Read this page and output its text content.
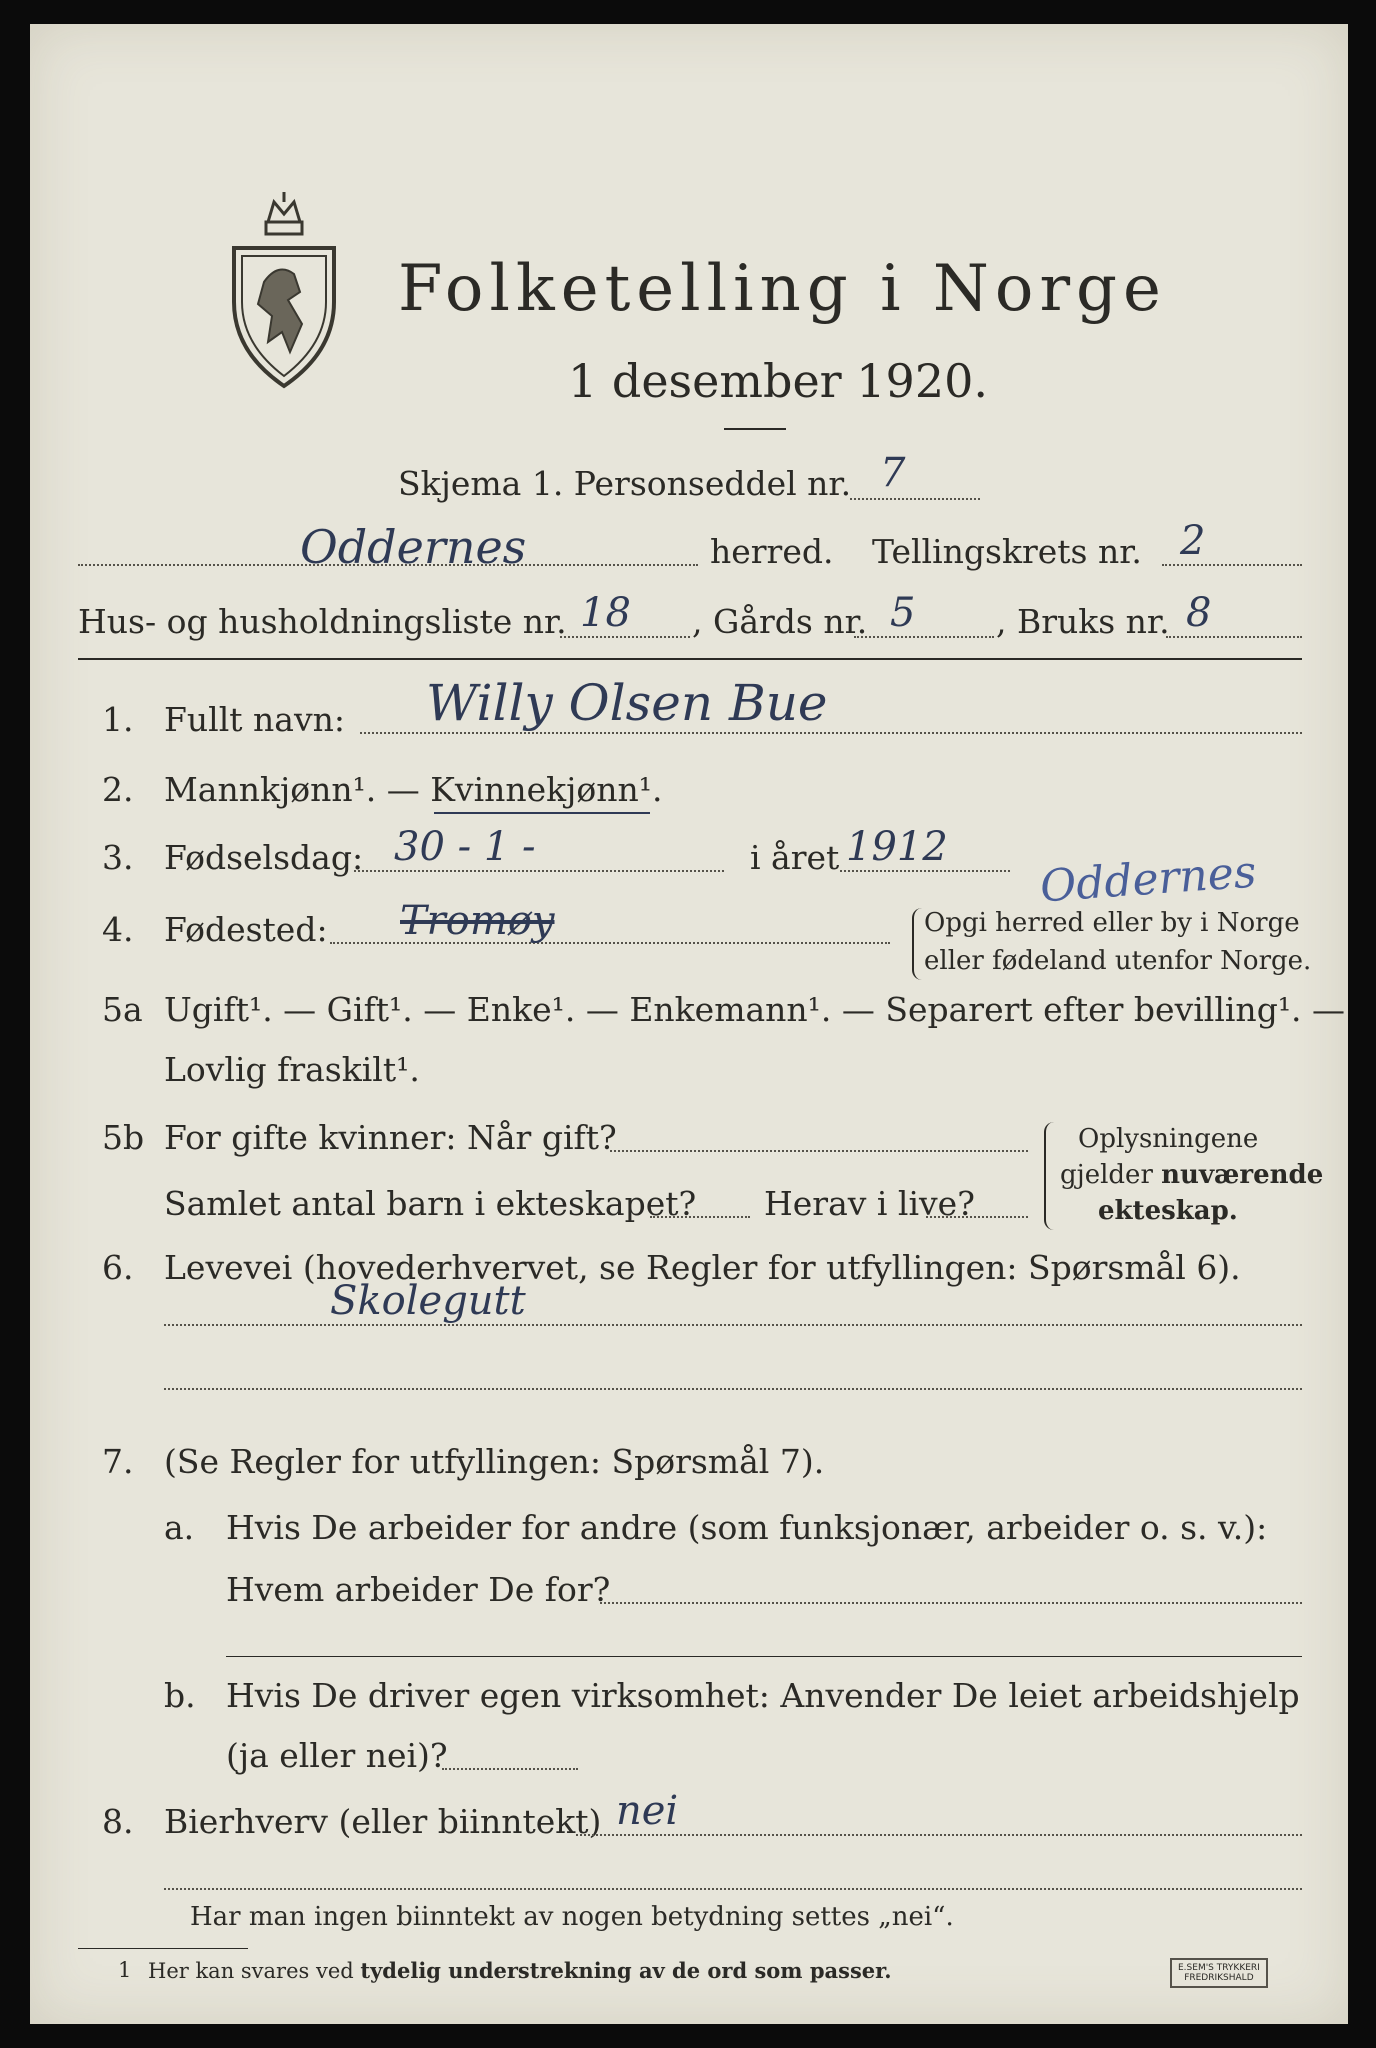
Folketelling i Norge
1 desember 1920.
Skjema 1. Personseddel nr. 7
Oddernes	herred. Tellingskrets nr. 2
Hus- og husholdningsliste nr. 18 , Gårds nr. 5 , Bruks nr. 8
1. Fullt navn: Willy Olsen Bue
2. Mannkjønn¹. — Kvinnekjønn¹.
3. Fødselsdag: 30 - 1 -	i året 1912 Oddernes
4. Fødested: Tromøy	Opgi herred eller by i Norge
eller fødeland utenfor Norge.
5a Ugift¹. — Gift¹. — Enke¹. — Enkemann¹. — Separert efter bevilling¹. —
Lovlig fraskilt¹.
5b For gifte kvinner: Når gift?
Samlet antal barn i ekteskapet? Herav i live?
Oplysningene
gjelder nuværende
ekteskap.
6. Levevei (hovederhvervet, se Regler for utfyllingen: Spørsmål 6).
Skolegutt
7. (Se Regler for utfyllingen: Spørsmål 7).
a. Hvis De arbeider for andre (som funksjonær, arbeider o. s. v.):
Hvem arbeider De for?
b. Hvis De driver egen virksomhet: Anvender De leiet arbeidshjelp
(ja eller nei)?
8. Bierhverv (eller biinntekt) nei
Har man ingen biinntekt av nogen betydning settes „nei“.
1 Her kan svares ved tydelig understrekning av de ord som passer.	E.SEM'S TRYKKERI
FREDRIKSHALD
